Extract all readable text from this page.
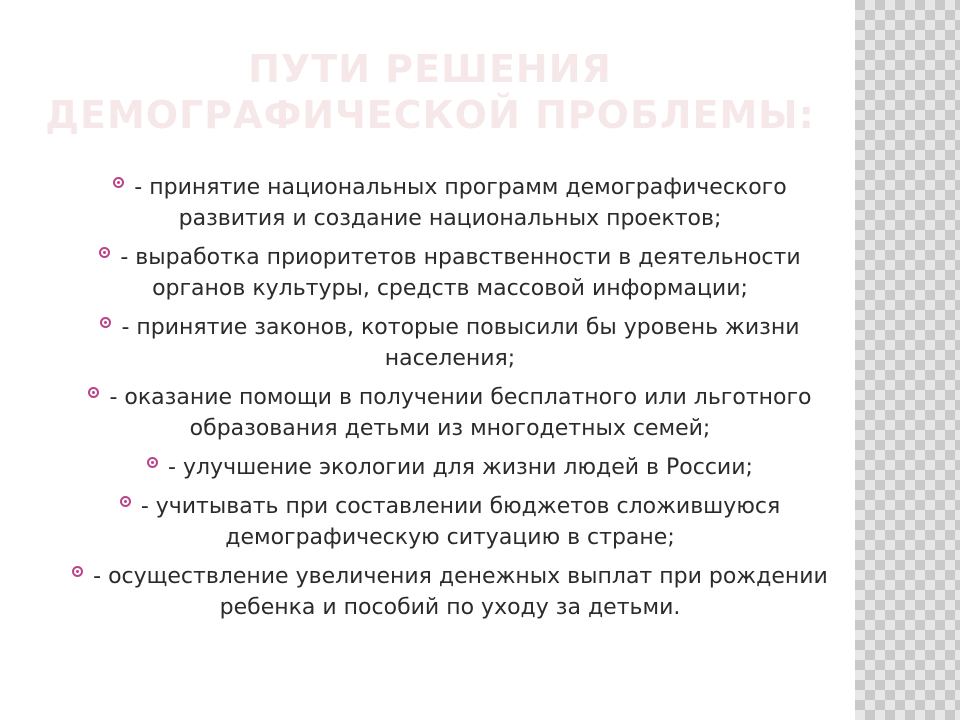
ПУТИ РЕШЕНИЯ
ДЕМОГРАФИЧЕСКОЙ ПРОБЛЕМЫ:
- принятие национальных программ демографического развития и создание национальных проектов;
- выработка приоритетов нравственности в деятельности органов культуры, средств массовой информации;
- принятие законов, которые повысили бы уровень жизни населения;
- оказание помощи в получении бесплатного или льготного образования детьми из многодетных семей;
- улучшение экологии для жизни людей в России;
- учитывать при составлении бюджетов сложившуюся демографическую ситуацию в стране;
- осуществление увеличения денежных выплат при рождении ребенка и пособий по уходу за детьми.
